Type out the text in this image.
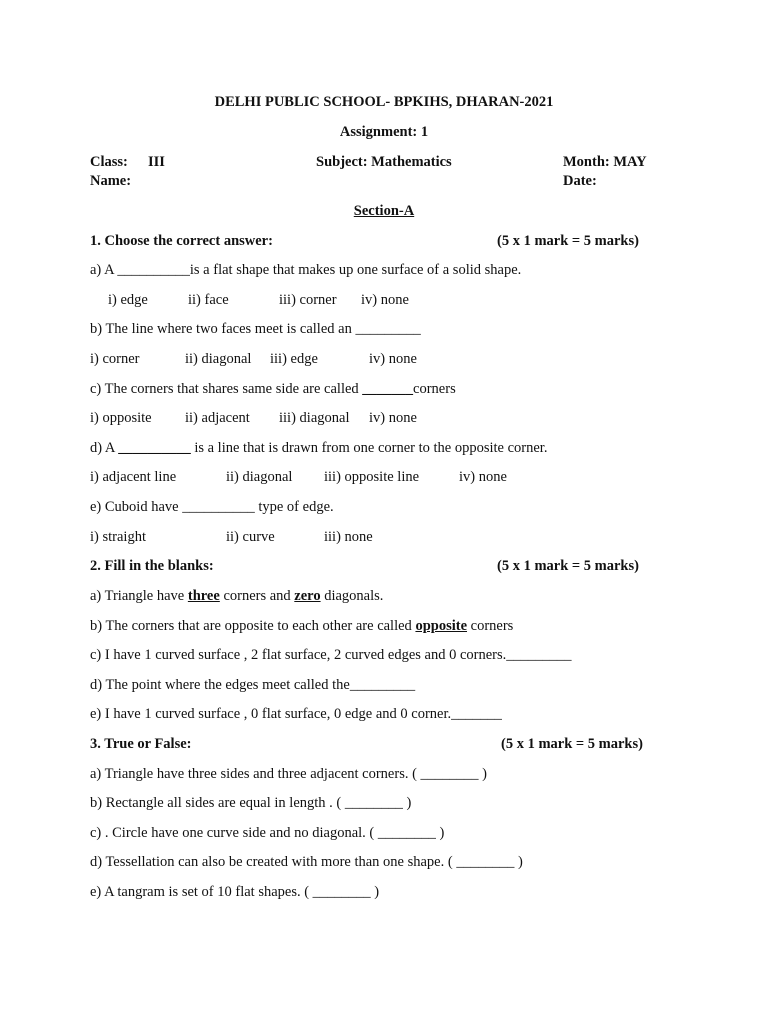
DELHI PUBLIC SCHOOL- BPKIHS, DHARAN-2021
Assignment: 1
Class: III	Subject: Mathematics	Month: MAY
Name:	Date:
Section-A
1. Choose the correct answer:	(5 x 1 mark = 5 marks)
a) A __________is a flat shape that makes up one surface of a solid shape.
i) edge	ii) face	iii) corner iv) none
b) The line where two faces meet is called an _________
i) corner	ii) diagonal iii) edge	iv) none
c) The corners that shares same side are called _______corners
i) opposite ii) adjacent iii) diagonal iv) none
d) A __________ is a line that is drawn from one corner to the opposite corner.
i) adjacent line	ii) diagonal iii) opposite line	iv) none
e) Cuboid have __________ type of edge.
i) straight	ii) curve	iii) none
2. Fill in the blanks:	(5 x 1 mark = 5 marks)
a) Triangle have three corners and zero diagonals.
b) The corners that are opposite to each other are called opposite corners
c) I have 1 curved surface , 2 flat surface, 2 curved edges and 0 corners._________
d) The point where the edges meet called the_________
e) I have 1 curved surface , 0 flat surface, 0 edge and 0 corner._______
3. True or False:	(5 x 1 mark = 5 marks)
a) Triangle have three sides and three adjacent corners. ( ________ )
b) Rectangle all sides are equal in length . ( ________ )
c) . Circle have one curve side and no diagonal. ( ________ )
d) Tessellation can also be created with more than one shape. ( ________ )
e) A tangram is set of 10 flat shapes. ( ________ )
